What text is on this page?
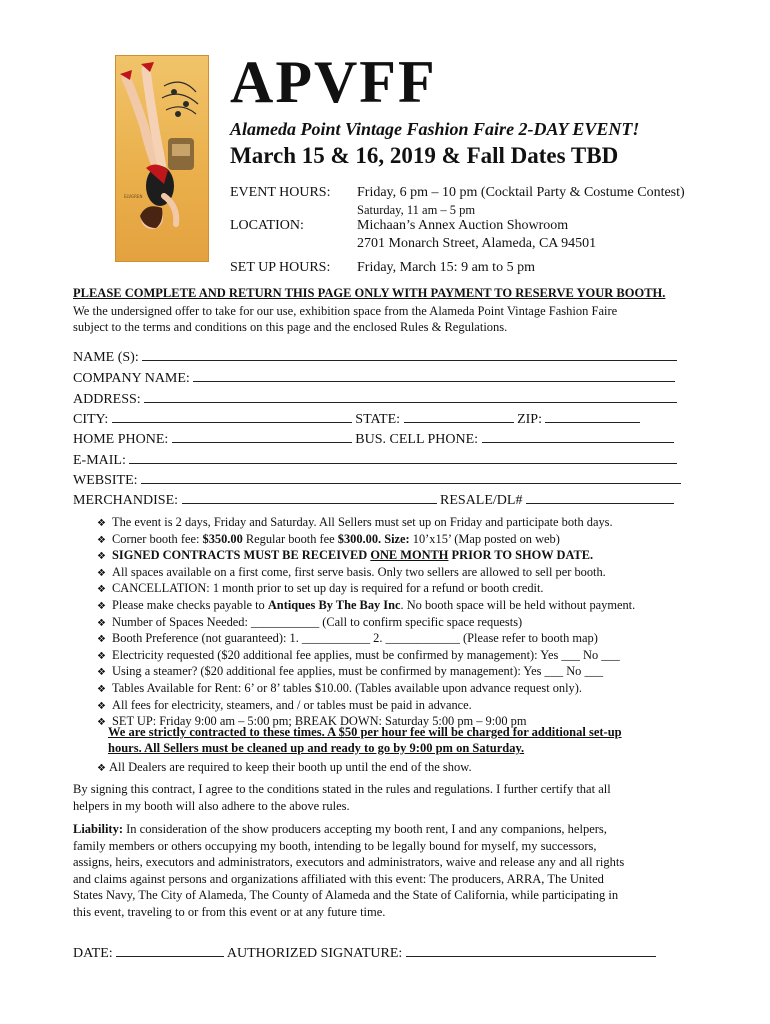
ELVGREN
APVFF
Alameda Point Vintage Fashion Faire 2-DAY EVENT!
March 15 & 16, 2019 & Fall Dates TBD
EVENT HOURS: Friday, 6 pm – 10 pm (Cocktail Party & Costume Contest)
Saturday, 11 am – 5 pm
LOCATION:	Michaan’s Annex Auction Showroom
2701 Monarch Street, Alameda, CA 94501
SET UP HOURS: Friday, March 15: 9 am to 5 pm
PLEASE COMPLETE AND RETURN THIS PAGE ONLY WITH PAYMENT TO RESERVE YOUR BOOTH.
We the undersigned offer to take for our use, exhibition space from the Alameda Point Vintage Fashion Faire
subject to the terms and conditions on this page and the enclosed Rules & Regulations.
NAME (S):
COMPANY NAME:
ADDRESS:
CITY:	STATE:	ZIP:
HOME PHONE:	BUS. CELL PHONE:
E-MAIL:
WEBSITE:
MERCHANDISE:	RESALE/DL#
❖ The event is 2 days, Friday and Saturday. All Sellers must set up on Friday and participate both days.
❖ Corner booth fee: $350.00 Regular booth fee $300.00. Size: 10’x15’ (Map posted on web)
❖ SIGNED CONTRACTS MUST BE RECEIVED ONE MONTH PRIOR TO SHOW DATE.
❖ All spaces available on a first come, first serve basis. Only two sellers are allowed to sell per booth.
❖ CANCELLATION: 1 month prior to set up day is required for a refund or booth credit.
❖ Please make checks payable to Antiques By The Bay Inc. No booth space will be held without payment.
❖ Number of Spaces Needed: ___________ (Call to confirm specific space requests)
❖ Booth Preference (not guaranteed): 1. ___________ 2. ____________ (Please refer to booth map)
❖ Electricity requested ($20 additional fee applies, must be confirmed by management): Yes ___ No ___
❖ Using a steamer? ($20 additional fee applies, must be confirmed by management): Yes ___ No ___
❖ Tables Available for Rent: 6’ or 8’ tables $10.00. (Tables available upon advance request only).
❖ All fees for electricity, steamers, and / or tables must be paid in advance.
❖ SET UP: Friday 9:00 am – 5:00 pm; BREAK DOWN: Saturday 5:00 pm – 9:00 pm
We are strictly contracted to these times. A $50 per hour fee will be charged for additional set-up
hours. All Sellers must be cleaned up and ready to go by 9:00 pm on Saturday.
❖ All Dealers are required to keep their booth up until the end of the show.
By signing this contract, I agree to the conditions stated in the rules and regulations. I further certify that all
helpers in my booth will also adhere to the above rules.
Liability: In consideration of the show producers accepting my booth rent, I and any companions, helpers,
family members or others occupying my booth, intending to be legally bound for myself, my successors,
assigns, heirs, executors and administrators, executors and administrators, waive and release any and all rights
and claims against persons and organizations affiliated with this event: The producers, ARRA, The United
States Navy, The City of Alameda, The County of Alameda and the State of California, while participating in
this event, traveling to or from this event or at any future time.
DATE:	AUTHORIZED SIGNATURE:
